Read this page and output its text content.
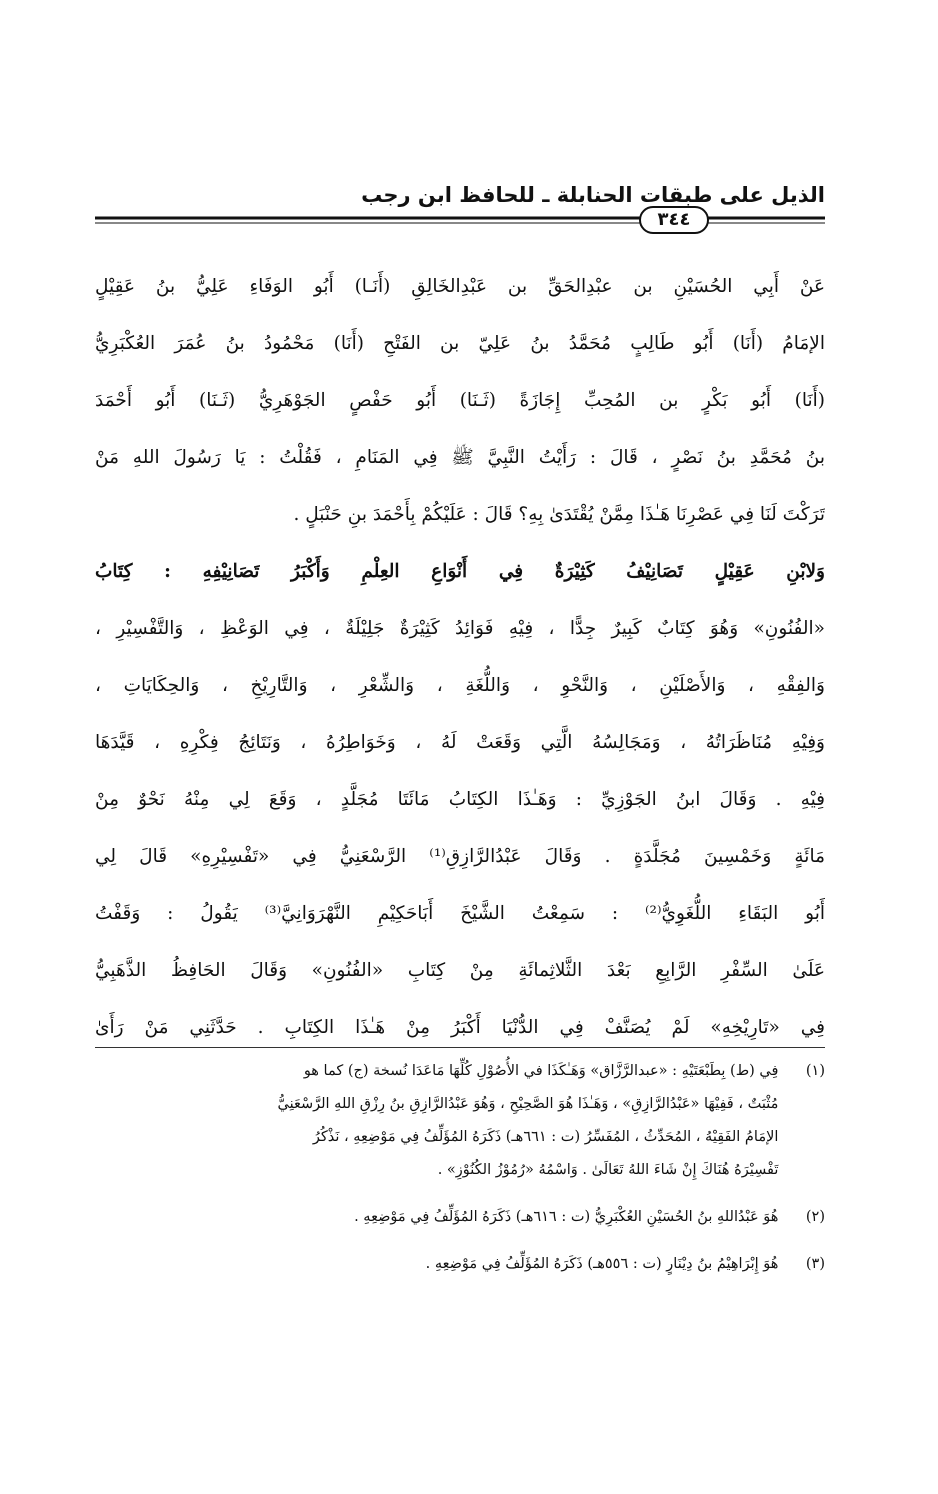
الذيل على طبقات الحنابلة ـ للحافظ ابن رجب
٣٤٤
عَنْ أَبِي الحُسَيْنِ بن عبْدِالحَقِّ بن عَبْدِالخَالِقِ (أَنَـا) أَبُو الوَفَاءِ عَلِيُّ بنُ عَقِيْلٍ
الإمَامُ (أَنَا) أَبُو طَالِبٍ مُحَمَّدُ بنُ عَلِيّ بن الفَتْحِ (أَنَا) مَحْمُودُ بنُ عُمَرَ العُكْبَرِيُّ
(أَنَا) أَبُو بَكْرٍ بن المُحِبِّ إِجَازَةً (ثَـنَا) أَبُو حَفْصٍ الجَوْهَرِيُّ (ثَـنَا) أَبُو أَحْمَدَ
بنُ مُحَمَّدِ بنُ نَصْرٍ ، قَالَ : رَأَيْتُ النَّبِيَّ ﷺ فِي المَنَامِ ، فَقُلْتُ : يَا رَسُولَ اللهِ مَنْ
تَرَكْتَ لَنَا فِي عَصْرِنَا هَـٰذَا مِمَّنْ يُقْتَدَىٰ بِهِ؟ قَالَ : عَلَيْكُمْ بِأَحْمَدَ بنِ حَنْبَلٍ .
وَلابْنِ عَقِيْلٍ تَصَانِيْفُ كَثِيْرَةٌ فِي أَنْوَاعِ العِلْمِ وَأَكْبَرُ تَصَانِيْفِهِ : كِتَابُ
«الفُنُونِ» وَهُوَ كِتَابٌ كَبِيرٌ جِدًّا ، فِيْهِ فَوَائِدُ كَثِيْرَةٌ جَلِيْلَةٌ ، فِي الوَعْظِ ، وَالتَّفْسِيْرِ ،
وَالفِقْهِ ، وَالأَصْلَيْنِ ، وَالنَّحْوِ ، وَاللُّغَةِ ، وَالشِّعْرِ ، وَالتَّارِيْخِ ، وَالحِكَايَاتِ ،
وَفِيْهِ مُنَاظَرَاتُهُ ، وَمَجَالِسُهُ الَّتِي وَقَعَتْ لَهُ ، وَخَوَاطِرُهُ ، وَنَتَائِجُ فِكْرِهِ ، قَيَّدَهَا
فِيْهِ . وَقَالَ ابنُ الجَوْزِيِّ : وَهَـٰذَا الكِتَابُ مَائَتَا مُجَلَّدٍ ، وَقَعَ لِي مِنْهُ نَحْوٌ مِنْ
مَائَةٍ وَخَمْسِينَ مُجَلَّدَةٍ . وَقَالَ عَبْدُالرَّازِقِ⁽¹⁾ الرَّسْعَنِيُّ فِي «تَفْسِيْرِهِ» قَالَ لِي
أَبُو البَقَاءِ اللُّغَوِيُّ⁽²⁾ : سَمِعْتُ الشَّيْخَ أَبَاحَكِيْمِ النَّهْرَوَانِيَّ⁽³⁾ يَقُولُ : وَقَفْتُ
عَلَىٰ السِّفْرِ الرَّابِعِ بَعْدَ الثَّلاثِمائَةِ مِنْ كِتَابِ «الفُنُونِ» وَقَالَ الحَافِظُ الذَّهَبِيُّ
فِي «تَارِيْخِهِ» لَمْ يُصَنَّفْ فِي الدُّنْيَا أَكْبَرُ مِنْ هَـٰذَا الكِتَابِ . حَدَّثَنِي مَنْ رَأَىٰ
(١) فِي (ط) بِطَبْعَتَيْهِ : «عبدالرَّزَّاق» وَهَـٰكَذَا في الأُصُوْلِ كُلِّهَا مَاعَدَا نُسخة (ج) كما هو
مُثْبَتٌ ، فَفِيْهَا «عَبْدُالرَّازِقِ» ، وَهَـٰذَا هُوَ الصَّحِيْحِ ، وَهُوَ عَبْدُالرَّازِقِ بنُ رِزْقِ اللهِ الرَّسْعَنِيُّ
الإمَامُ الفَقِيْهُ ، المُحَدِّثُ ، المُفَسِّرُ (ت : ٦٦١هـ) ذَكَرَهُ المُؤَلِّفُ فِي مَوْضِعِهِ ، نَذْكُرُ
تَفْسِيْرَهُ هُنَاكَ إِنْ شَاءَ اللهُ تَعَالَىٰ . وَاسْمُهُ «رُمُوْزُ الكُنُوْزِ» .
(٢) هُوَ عَبْدُاللهِ بنُ الحُسَيْنِ العُكْبَرِيُّ (ت : ٦١٦هـ) ذَكَرَهُ المُؤَلِّفُ فِي مَوْضِعِهِ .
(٣) هُوَ إِبْرَاهِيْمُ بنُ دِيْنَارٍ (ت : ٥٥٦هـ) ذَكَرَهُ المُؤَلِّفُ فِي مَوْضِعِهِ .
